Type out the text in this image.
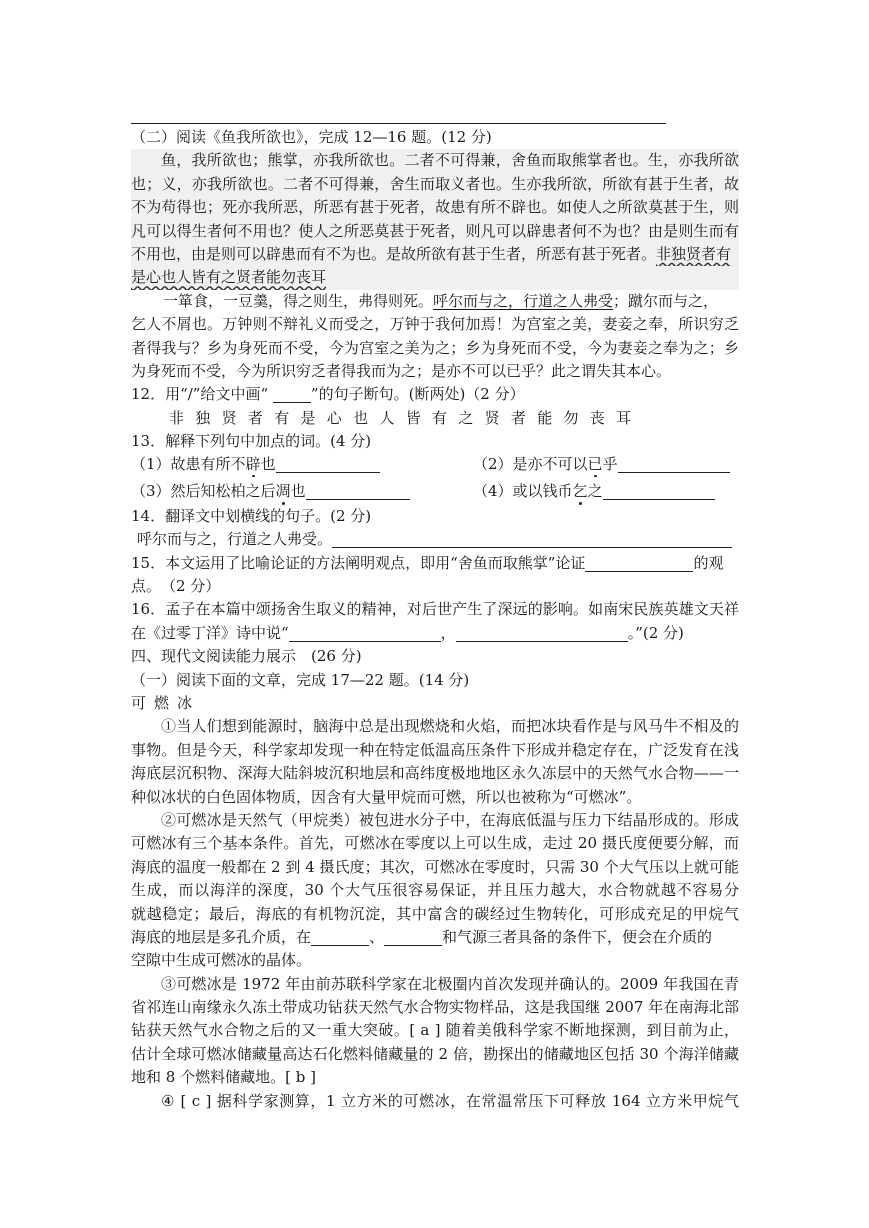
（二）阅读《鱼我所欲也》，完成 12—16 题。(12 分)
鱼，我所欲也；熊掌，亦我所欲也。二者不可得兼，舍鱼而取熊掌者也。生，亦我所欲
也；义，亦我所欲也。二者不可得兼，舍生而取义者也。生亦我所欲，所欲有甚于生者，故
不为苟得也；死亦我所恶，所恶有甚于死者，故患有所不辟也。如使人之所欲莫甚于生，则
凡可以得生者何不用也？使人之所恶莫甚于死者，则凡可以辟患者何不为也？由是则生而有
不用也，由是则可以辟患而有不为也。是故所欲有甚于生者，所恶有甚于死者。非独贤者有
是心也人皆有之贤者能勿丧耳
一箪食，一豆羹，得之则生，弗得则死。呼尔而与之，行道之人弗受；蹴尔而与之，
乞人不屑也。万钟则不辩礼义而受之，万钟于我何加焉！为宫室之美，妻妾之奉，所识穷乏
者得我与？乡为身死而不受，今为宫室之美为之；乡为身死而不受，今为妻妾之奉为之；乡
为身死而不受，今为所识穷乏者得我而为之；是亦不可以已乎？此之谓失其本心。
12．用“/”给文中画“	”的句子断句。(断两处)（2 分）
非独贤者有是心也人皆有之贤者能勿丧耳
13．解释下列句中加点的词。(4 分)
（1）故患有所不辟也	（2）是亦不可以已乎
（3）然后知松柏之后凋也	（4）或以钱币乞之
14．翻译文中划横线的句子。(2 分)
呼尔而与之，行道之人弗受。
15．本文运用了比喻论证的方法阐明观点，即用“舍鱼而取熊掌”论证	的观
点。　（2 分）
16．孟子在本篇中颂扬舍生取义的精神，对后世产生了深远的影响。如南宋民族英雄文天祥
在《过零丁洋》诗中说“	，	。”(2 分)
四、现代文阅读能力展示　(26 分)
（一）阅读下面的文章，完成 17—22 题。(14 分)
可燃冰
①当人们想到能源时，脑海中总是出现燃烧和火焰，而把冰块看作是与风马牛不相及的
事物。但是今天，科学家却发现一种在特定低温高压条件下形成并稳定存在，广泛发育在浅
海底层沉积物、深海大陆斜坡沉积地层和高纬度极地地区永久冻层中的天然气水合物——一
种似冰状的白色固体物质，因含有大量甲烷而可燃，所以也被称为“可燃冰”。
②可燃冰是天然气（甲烷类）被包进水分子中，在海底低温与压力下结晶形成的。形成
可燃冰有三个基本条件。首先，可燃冰在零度以上可以生成，走过 20 摄氏度便要分解，而
海底的温度一般都在 2 到 4 摄氏度；其次，可燃冰在零度时，只需 30 个大气压以上就可能
生成，而以海洋的深度，30 个大气压很容易保证，并且压力越大，水合物就越不容易分
就越稳定；最后，海底的有机物沉淀，其中富含的碳经过生物转化，可形成充足的甲烷气
海底的地层是多孔介质，在	、	和气源三者具备的条件下，便会在介质的
空隙中生成可燃冰的晶体。
③可燃冰是 1972 年由前苏联科学家在北极圈内首次发现并确认的。2009 年我国在青
省祁连山南缘永久冻土带成功钻获天然气水合物实物样品，这是我国继 2007 年在南海北部
钻获天然气水合物之后的又一重大突破。[ a ] 随着美俄科学家不断地探测，到目前为止，
估计全球可燃冰储藏量高达石化燃料储藏量的 2 倍，勘探出的储藏地区包括 30 个海洋储藏
地和 8 个燃料储藏地。[ b ]
④ [ c ] 据科学家测算，1 立方米的可燃冰，在常温常压下可释放 164 立方米甲烷气
